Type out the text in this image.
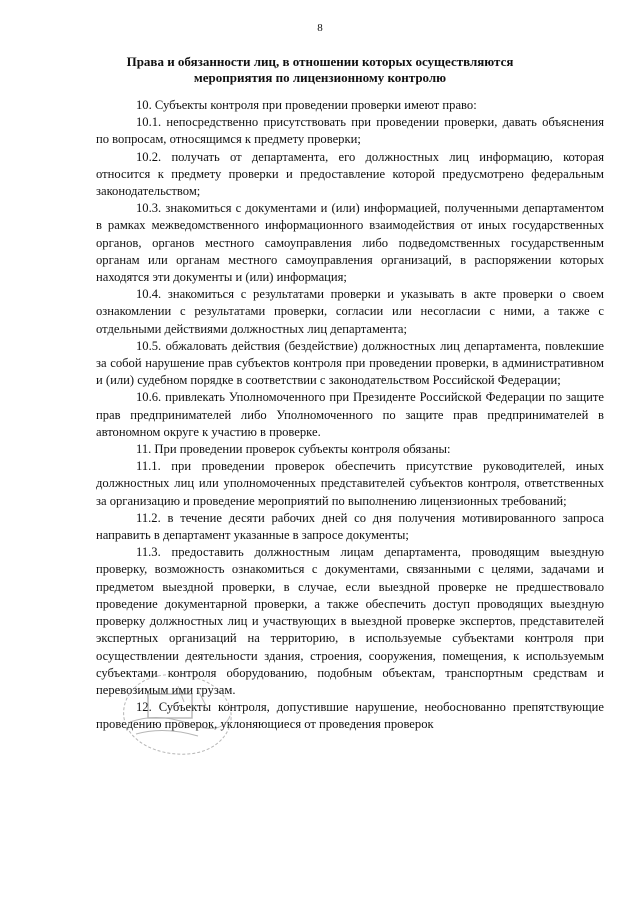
8
Права и обязанности лиц, в отношении которых осуществляются
мероприятия по лицензионному контролю

10. Субъекты контроля при проведении проверки имеют право:

10.1. непосредственно присутствовать при проведении проверки, давать объяснения по вопросам, относящимся к предмету проверки;

10.2. получать от департамента, его должностных лиц информацию, которая относится к предмету проверки и предоставление которой предусмотрено федеральным законодательством;

10.3. знакомиться с документами и (или) информацией, полученными департаментом в рамках межведомственного информационного взаимодействия от иных государственных органов, органов местного самоуправления либо подведомственных государственным органам или органам местного самоуправления организаций, в распоряжении которых находятся эти документы и (или) информация;

10.4. знакомиться с результатами проверки и указывать в акте проверки о своем ознакомлении с результатами проверки, согласии или несогласии с ними, а также с отдельными действиями должностных лиц департамента;

10.5. обжаловать действия (бездействие) должностных лиц департамента, повлекшие за собой нарушение прав субъектов контроля при проведении проверки, в административном и (или) судебном порядке в соответствии с законодательством Российской Федерации;

10.6. привлекать Уполномоченного при Президенте Российской Федерации по защите прав предпринимателей либо Уполномоченного по защите прав предпринимателей в автономном округе к участию в проверке.

11. При проведении проверок субъекты контроля обязаны:

11.1. при проведении проверок обеспечить присутствие руководителей, иных должностных лиц или уполномоченных представителей субъектов контроля, ответственных за организацию и проведение мероприятий по выполнению лицензионных требований;

11.2. в течение десяти рабочих дней со дня получения мотивированного запроса направить в департамент указанные в запросе документы;

11.3. предоставить должностным лицам департамента, проводящим выездную проверку, возможность ознакомиться с документами, связанными с целями, задачами и предметом выездной проверки, в случае, если выездной проверке не предшествовало проведение документарной проверки, а также обеспечить доступ проводящих выездную проверку должностных лиц и участвующих в выездной проверке экспертов, представителей экспертных организаций на территорию, в используемые субъектами контроля при осуществлении деятельности здания, строения, сооружения, помещения, к используемым субъектами контроля оборудованию, подобным объектам, транспортным средствам и перевозимым ими грузам.

12. Субъекты контроля, допустившие нарушение, необоснованно препятствующие проведению проверок, уклоняющиеся от проведения проверок
